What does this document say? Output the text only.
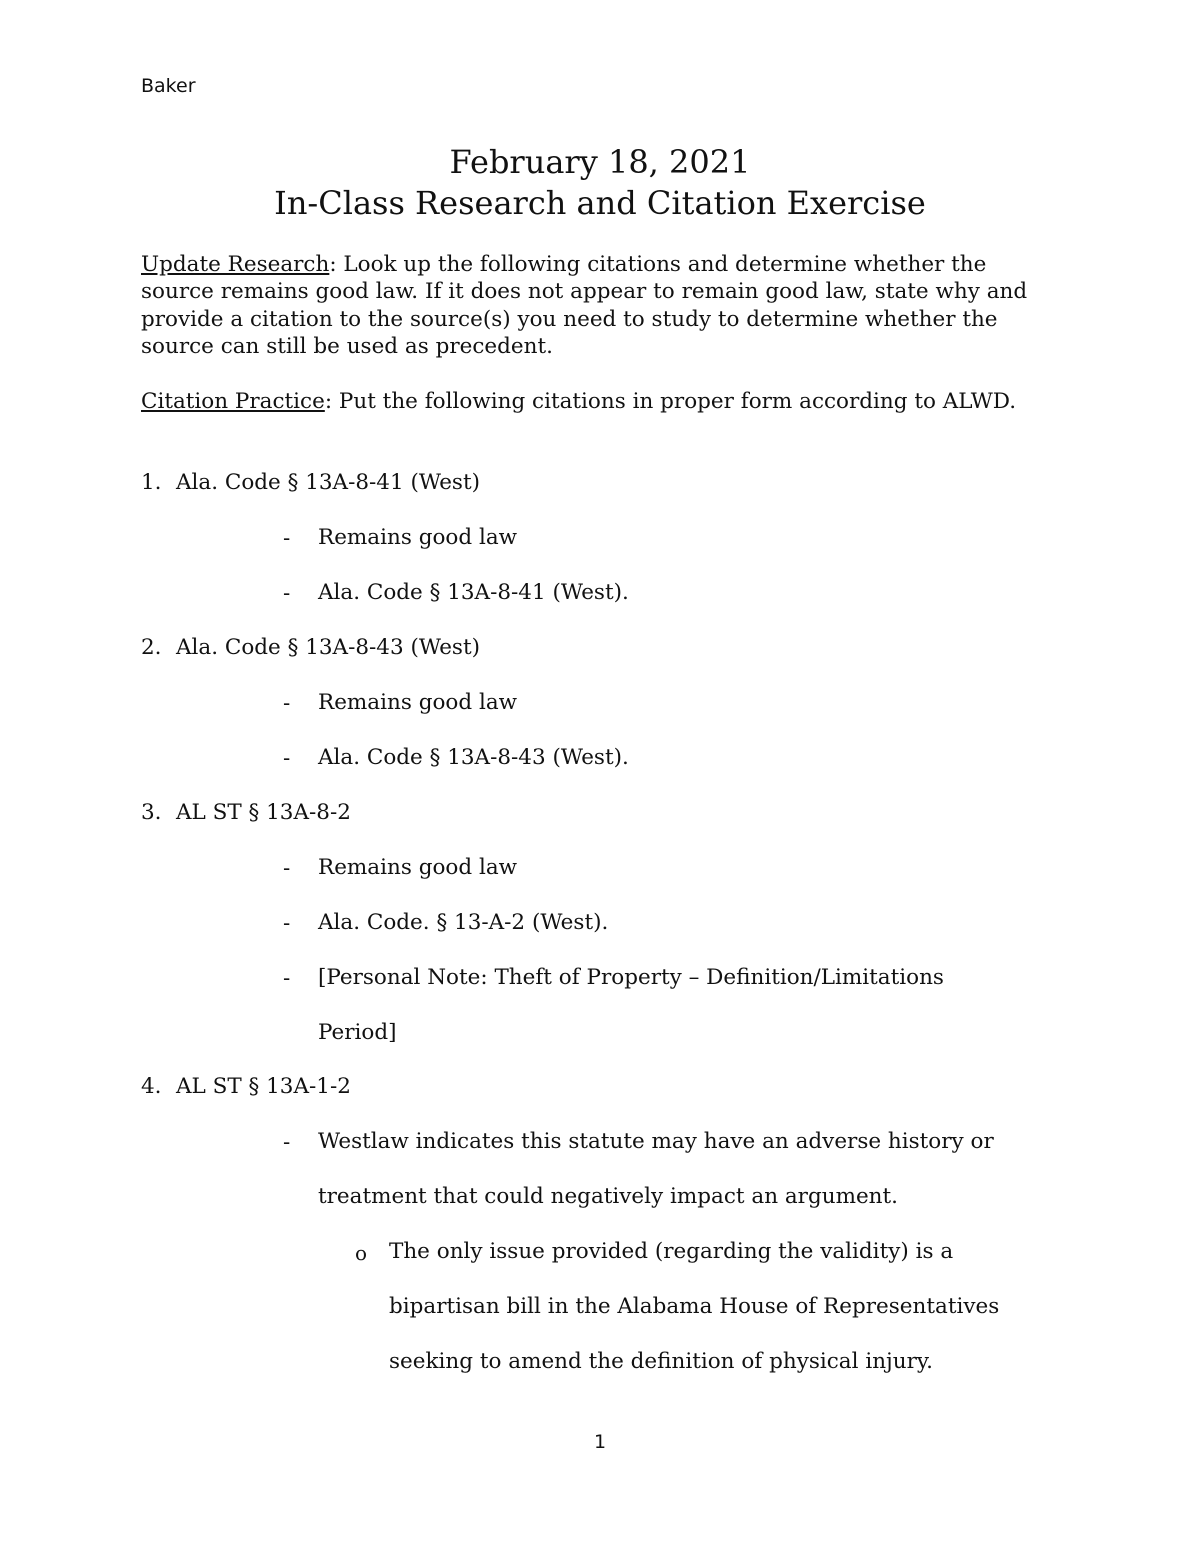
Baker
February 18, 2021
In-Class Research and Citation Exercise
Update Research: Look up the following citations and determine whether the source remains good law. If it does not appear to remain good law, state why and provide a citation to the source(s) you need to study to determine whether the source can still be used as precedent.
Citation Practice: Put the following citations in proper form according to ALWD.
1. Ala. Code § 13A-8-41 (West)
- Remains good law
- Ala. Code § 13A-8-41 (West).
2. Ala. Code § 13A-8-43 (West)
- Remains good law
- Ala. Code § 13A-8-43 (West).
3. AL ST § 13A-8-2
- Remains good law
- Ala. Code. § 13-A-2 (West).
- [Personal Note: Theft of Property – Definition/Limitations
Period]
4. AL ST § 13A-1-2
- Westlaw indicates this statute may have an adverse history or
treatment that could negatively impact an argument.
o The only issue provided (regarding the validity) is a
bipartisan bill in the Alabama House of Representatives
seeking to amend the definition of physical injury.
1
